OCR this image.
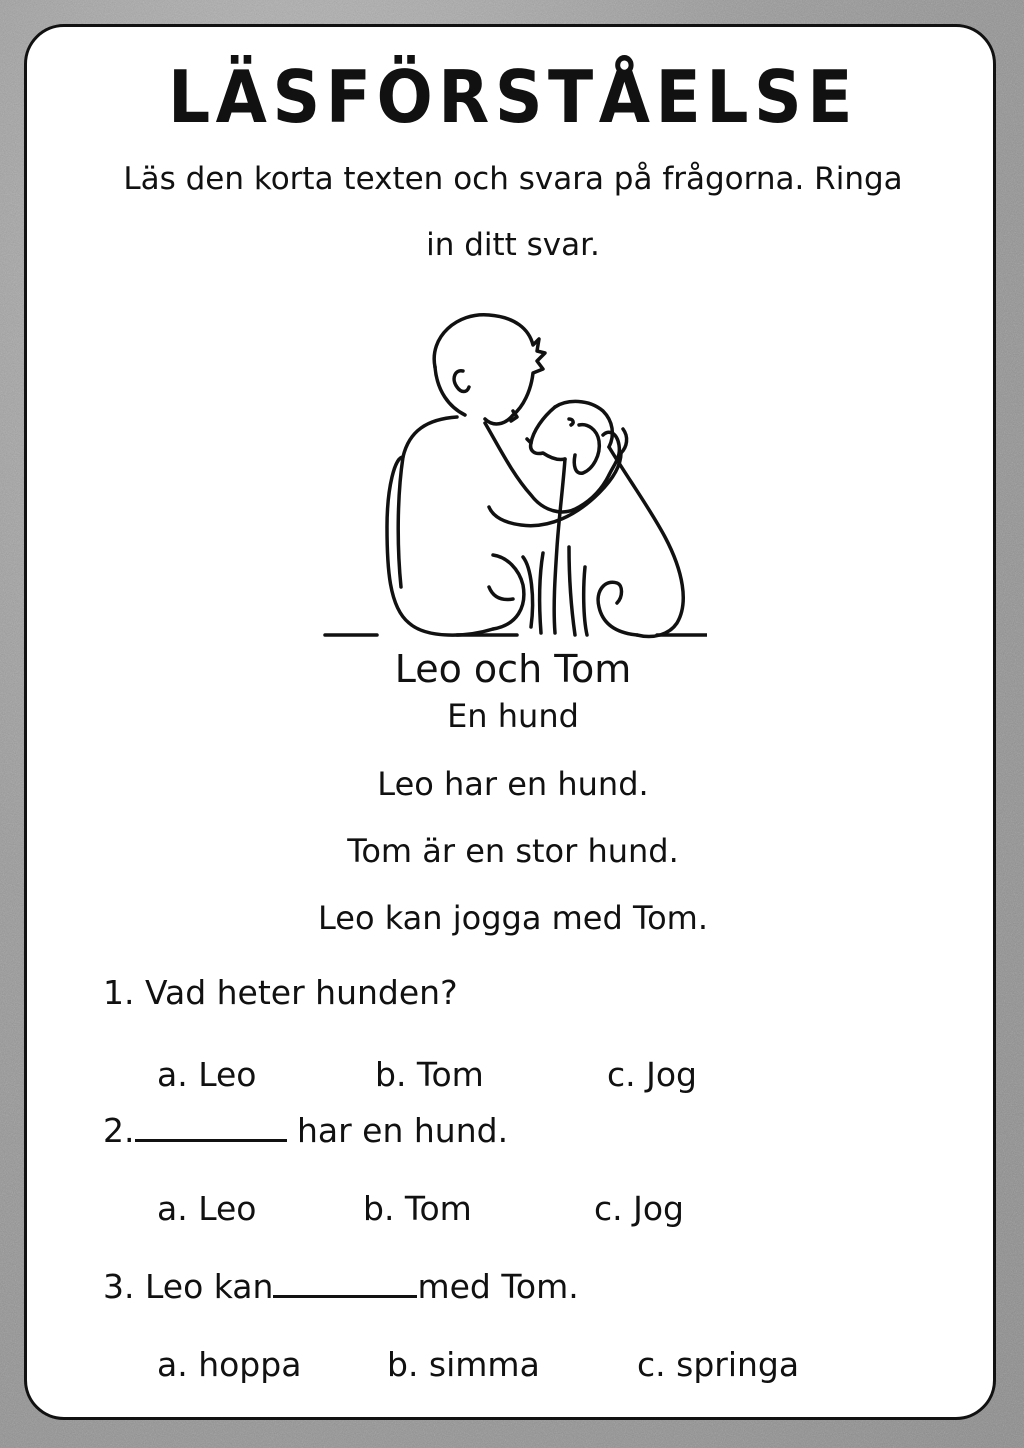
LÄSFÖRSTÅELSE
Läs den korta texten och svara på frågorna. Ringa
in ditt svar.
Leo och Tom
En hund
Leo har en hund.
Tom är en stor hund.
Leo kan jogga med Tom.
1. Vad heter hunden?
a. Leo	b. Tom	c. Jog
2.	har en hund.
a. Leo	b. Tom	c. Jog
3. Leo kan	med Tom.
a. hoppa	b. simma	c. springa
